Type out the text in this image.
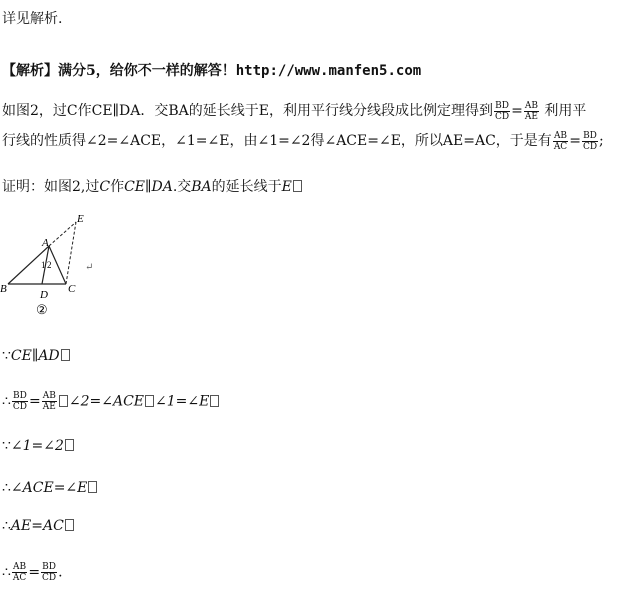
详见解析.
【解析】满分5，给你不一样的解答！http://www.manfen5.com
如图2，过C作CE∥DA．交BA的延长线于E，利用平行线分线段成比例定理得到 $\frac{BD}{CD} = \frac{AB}{AE}$ 利用平
行线的性质得∠2=∠ACE，∠1=∠E，由∠1=∠2得∠ACE=∠E，所以AE=AC，于是有 $\frac{AB}{AC} = \frac{BD}{CD}$ ;
证明：如图2,过C作CE∥DA.交BA的延长线于E
E
A
B	C
D
1 2	↵
②
∵CE∥AD
∴ $\frac{BD}{CD} = \frac{AB}{AE}$ ∠2=∠ACE ∠1=∠E
∵∠1=∠2
∴∠ACE=∠E
∴AE=AC
∴ $\frac{AB}{AC} = \frac{BD}{CD}$ .
